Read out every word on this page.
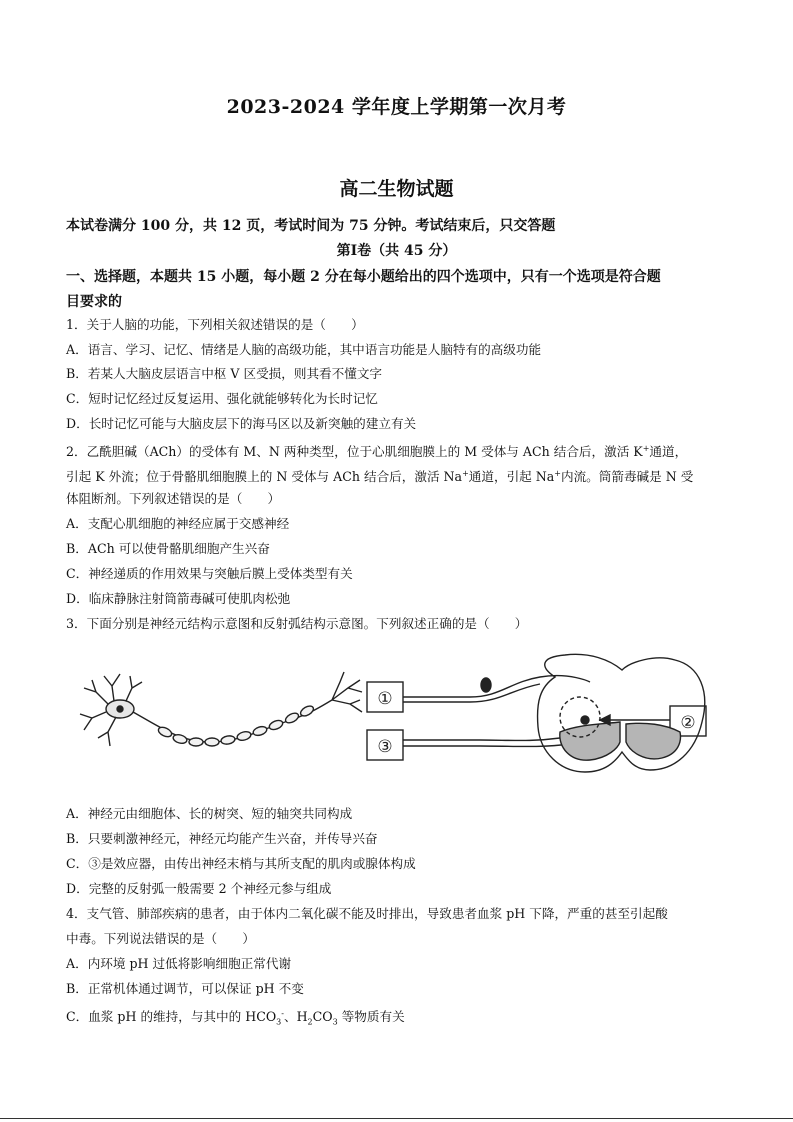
2023-2024 学年度上学期第一次月考
高二生物试题
本试卷满分 100 分，共 12 页，考试时间为 75 分钟。考试结束后，只交答题
第Ⅰ卷（共 45 分）
一、选择题，本题共 15 小题，每小题 2 分在每小题给出的四个选项中，只有一个选项是符合题
目要求的
1．关于人脑的功能，下列相关叙述错误的是（　　）
A．语言、学习、记忆、情绪是人脑的高级功能，其中语言功能是人脑特有的高级功能
B．若某人大脑皮层语言中枢 V 区受损，则其看不懂文字
C．短时记忆经过反复运用、强化就能够转化为长时记忆
D．长时记忆可能与大脑皮层下的海马区以及新突触的建立有关
2．乙酰胆碱（ACh）的受体有 M、N 两种类型，位于心肌细胞膜上的 M 受体与 ACh 结合后，激活 K+通道，
引起 K 外流；位于骨骼肌细胞膜上的 N 受体与 ACh 结合后，激活 Na+通道，引起 Na+内流。筒箭毒碱是 N 受
体阻断剂。下列叙述错误的是（　　）
A．支配心肌细胞的神经应属于交感神经
B．ACh 可以使骨骼肌细胞产生兴奋
C．神经递质的作用效果与突触后膜上受体类型有关
D．临床静脉注射筒箭毒碱可使肌肉松弛
3．下面分别是神经元结构示意图和反射弧结构示意图。下列叙述正确的是（　　）
①
③
②
A．神经元由细胞体、长的树突、短的轴突共同构成
B．只要刺激神经元，神经元均能产生兴奋，并传导兴奋
C．③是效应器，由传出神经末梢与其所支配的肌肉或腺体构成
D．完整的反射弧一般需要 2 个神经元参与组成
4．支气管、肺部疾病的患者，由于体内二氧化碳不能及时排出，导致患者血浆 pH 下降，严重的甚至引起酸
中毒。下列说法错误的是（　　）
A．内环境 pH 过低将影响细胞正常代谢
B．正常机体通过调节，可以保证 pH 不变
C．血浆 pH 的维持，与其中的 $HCO_3^-$、$H_2CO_3$ 等物质有关
